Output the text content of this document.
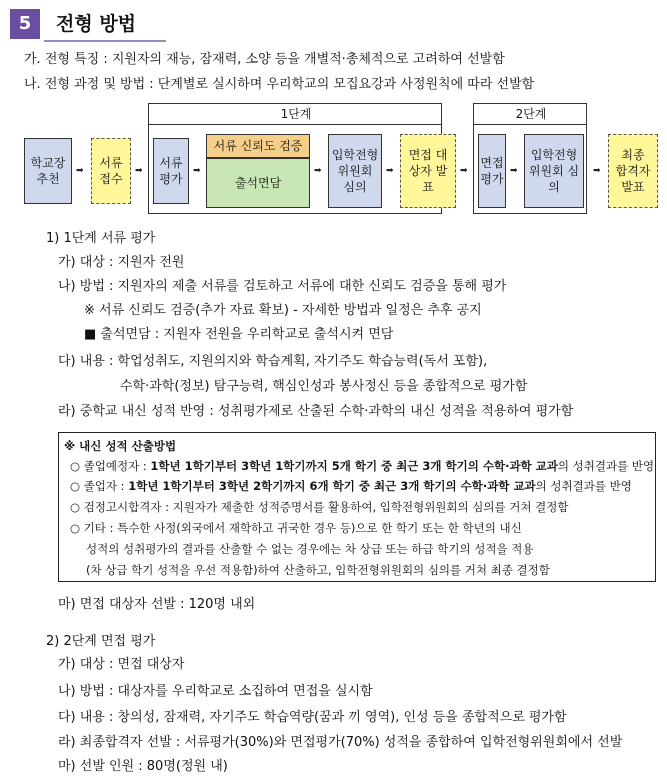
5	전형 방법
가. 전형 특징 : 지원자의 재능, 잠재력, 소양 등을 개별적·총체적으로 고려하여 선발함
나. 전형 과정 및 방법 : 단계별로 실시하며 우리학교의 모집요강과 사정원칙에 따라 선발함
1단계	2단계
학교장 추천
➡
서류 접수
➡
서류 평가
➡
서류 신뢰도 검증
출석면담
➡
입학전형 위원회 심의
➡
면접 대상자 발표
➡
면접 평가
➡
입학전형 위원회 심의
➡
최종 합격자 발표
1) 1단계 서류 평가
가) 대상 : 지원자 전원
나) 방법 : 지원자의 제출 서류를 검토하고 서류에 대한 신뢰도 검증을 통해 평가
※ 서류 신뢰도 검증(추가 자료 확보) - 자세한 방법과 일정은 추후 공지
■ 출석면담 : 지원자 전원을 우리학교로 출석시켜 면담
다) 내용 : 학업성취도, 지원의지와 학습계획, 자기주도 학습능력(독서 포함),
수학·과학(정보) 탐구능력, 핵심인성과 봉사정신 등을 종합적으로 평가함
라) 중학교 내신 성적 반영 : 성취평가제로 산출된 수학·과학의 내신 성적을 적용하여 평가함
※ 내신 성적 산출방법
○ 졸업예정자 : 1학년 1학기부터 3학년 1학기까지 5개 학기 중 최근 3개 학기의 수학·과학 교과의 성취결과를 반영
○ 졸업자 : 1학년 1학기부터 3학년 2학기까지 6개 학기 중 최근 3개 학기의 수학·과학 교과의 성취결과를 반영
○ 검정고시합격자 : 지원자가 제출한 성적증명서를 활용하여, 입학전형위원회의 심의를 거쳐 결정함
○ 기타 : 특수한 사정(외국에서 재학하고 귀국한 경우 등)으로 한 학기 또는 한 학년의 내신
성적의 성취평가의 결과를 산출할 수 없는 경우에는 차 상급 또는 하급 학기의 성적을 적용
(차 상급 학기 성적을 우선 적용함)하여 산출하고, 입학전형위원회의 심의를 거쳐 최종 결정함
마) 면접 대상자 선발 : 120명 내외
2) 2단계 면접 평가
가) 대상 : 면접 대상자
나) 방법 : 대상자를 우리학교로 소집하여 면접을 실시함
다) 내용 : 창의성, 잠재력, 자기주도 학습역량(꿈과 끼 영역), 인성 등을 종합적으로 평가함
라) 최종합격자 선발 : 서류평가(30%)와 면접평가(70%) 성적을 종합하여 입학전형위원회에서 선발
마) 선발 인원 : 80명(정원 내)
